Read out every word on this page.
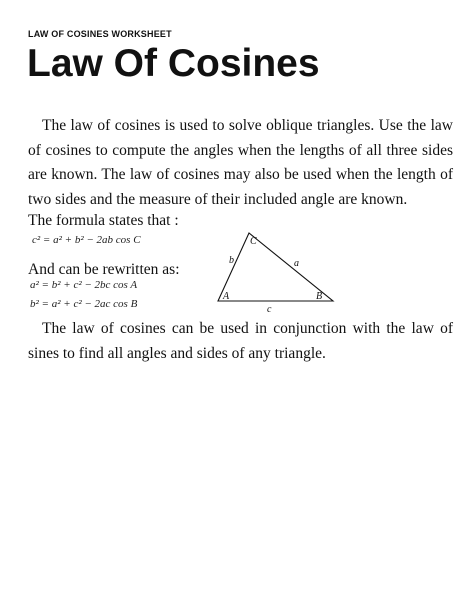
LAW OF COSINES WORKSHEET
Law Of Cosines

The law of cosines is used to solve oblique triangles. Use the law of cosines to compute the angles when the lengths of all three sides are known. The law of cosines may also be used when the length of two sides and the measure of their included angle are known.

The formula states that :
c² = a² + b² − 2ab cos C
And can be rewritten as:
a² = b² + c² − 2bc cos A
b² = a² + c² − 2ac cos B
C
A	B
b	a
c

The law of cosines can be used in conjunction with the law of sines to find all angles and sides of any triangle.
